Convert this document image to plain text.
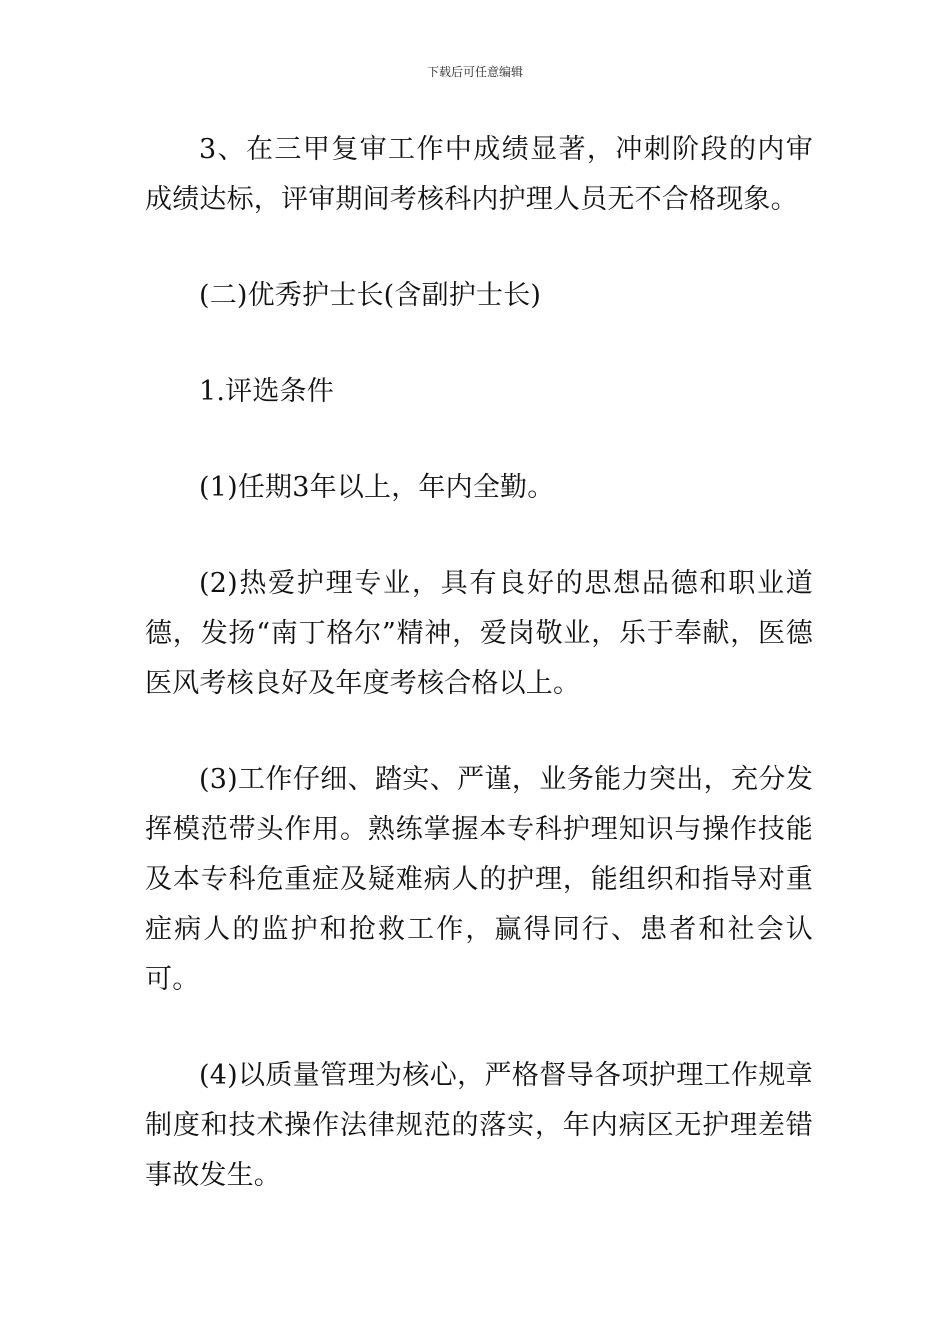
下载后可任意编辑

3、在三甲复审工作中成绩显著，冲刺阶段的内审成绩达标，评审期间考核科内护理人员无不合格现象。

(二)优秀护士长(含副护士长)

1.评选条件

(1)任期3年以上，年内全勤。

(2)热爱护理专业，具有良好的思想品德和职业道德，发扬“南丁格尔”精神，爱岗敬业，乐于奉献，医德医风考核良好及年度考核合格以上。

(3)工作仔细、踏实、严谨，业务能力突出，充分发挥模范带头作用。熟练掌握本专科护理知识与操作技能及本专科危重症及疑难病人的护理，能组织和指导对重症病人的监护和抢救工作，赢得同行、患者和社会认可。

(4)以质量管理为核心，严格督导各项护理工作规章制度和技术操作法律规范的落实，年内病区无护理差错事故发生。
